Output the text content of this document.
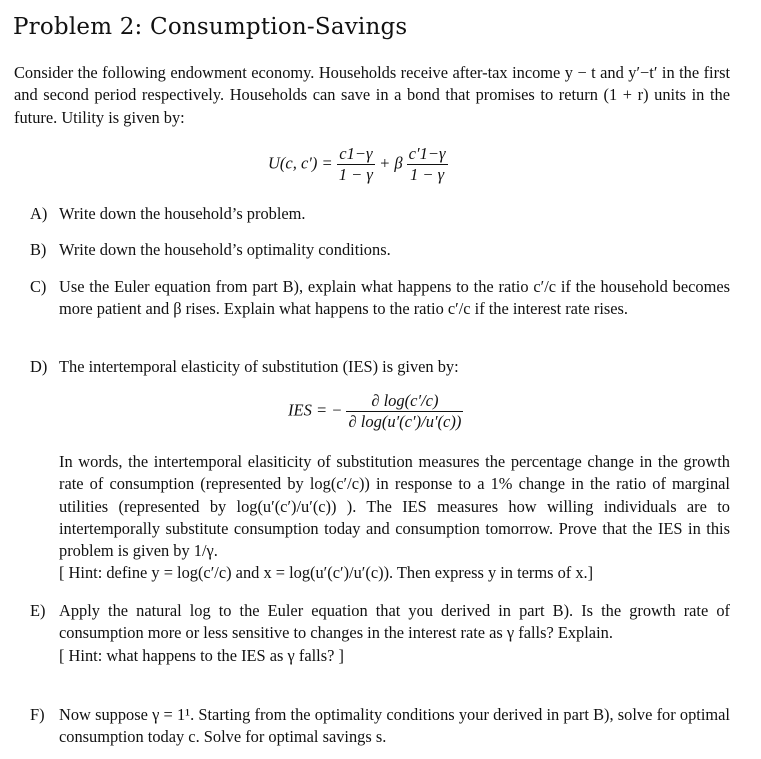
Problem 2: Consumption-Savings

Consider the following endowment economy. Households receive after-tax income y − t and y′−t′ in the first and second period respectively. Households can save in a bond that promises to return (1 + r) units in the future. Utility is given by:

U(c, $c') = \frac{c1-\gamma}{1 - \gamma} + \beta \frac{c'1-\gamma}{1 - \gamma}$
A) Write down the household’s problem.
B) Write down the household’s optimality conditions.
C) Use the Euler equation from part B), explain what happens to the ratio c′/c if the household becomes more patient and β rises. Explain what happens to the ratio c′/c if the interest rate rises.
D) The intertemporal elasticity of substitution (IES) is given by:
IES = − $\frac{\partial \log(c'/c)}{\partial \log(u'(c')/u'(c))}$

In words, the intertemporal elasiticity of substitution measures the percentage change in the growth rate of consumption (represented by log(c′/c)) in response to a 1% change in the ratio of marginal utilities (represented by log(u′(c′)/u′(c)) ). The IES measures how willing individuals are to intertemporally substitute consumption today and consumption tomorrow. Prove that the IES in this problem is given by 1/γ.

[ Hint: define y = log(c′/c) and x = log(u′(c′)/u′(c)). Then express y in terms of x.]

E) Apply the natural log to the Euler equation that you derived in part B). Is the growth rate of consumption more or less sensitive to changes in the interest rate as γ falls? Explain.

[ Hint: what happens to the IES as γ falls? ]

F) Now suppose γ = 1¹. Starting from the optimality conditions your derived in part B), solve for optimal consumption today c. Solve for optimal savings s.
